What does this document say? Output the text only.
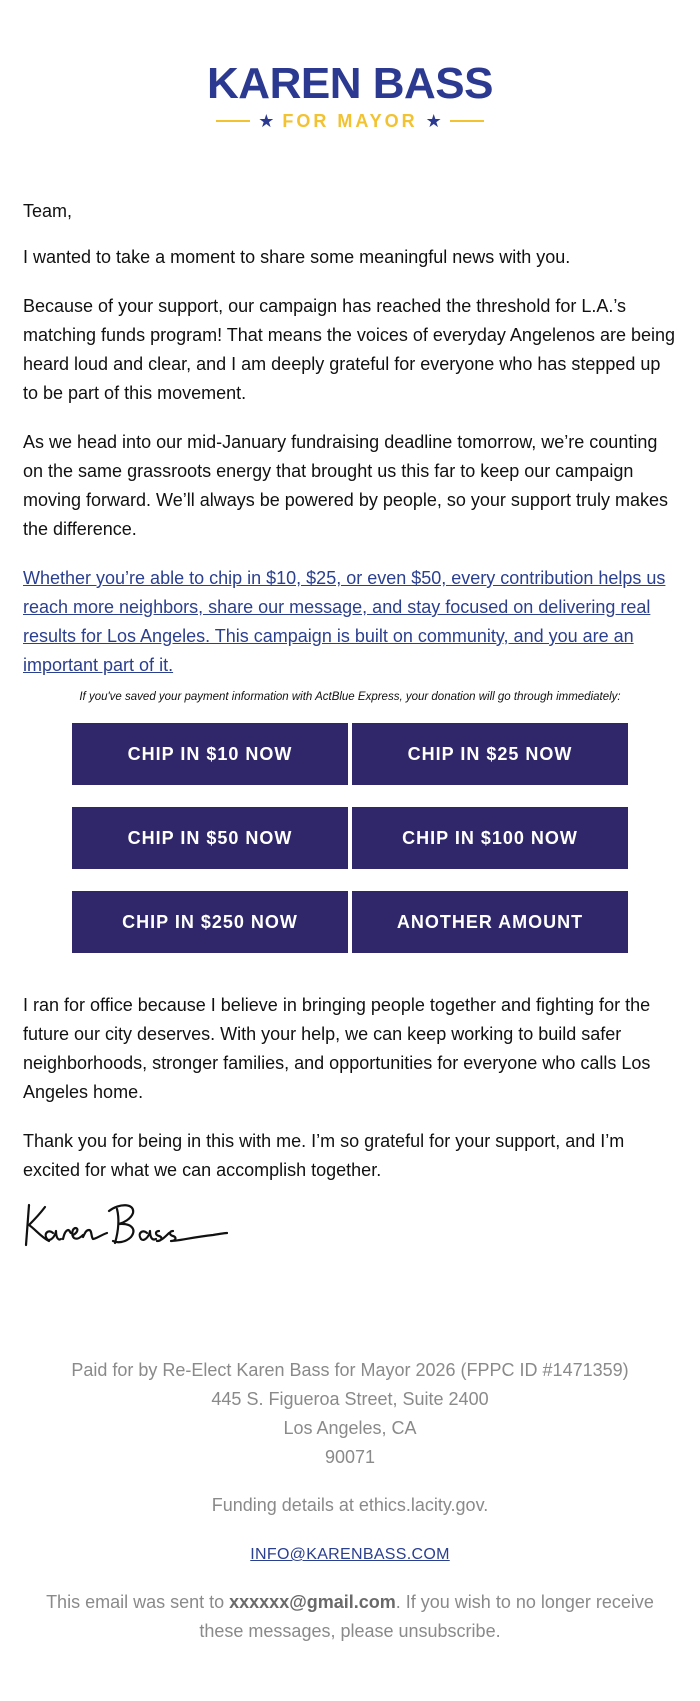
KAREN BASS
★ FOR MAYOR ★

Team,

I wanted to take a moment to share some meaningful news with you.

Because of your support, our campaign has reached the threshold for L.A.’s matching funds program! That means the voices of everyday Angelenos are being heard loud and clear, and I am deeply grateful for everyone who has stepped up to be part of this movement.

As we head into our mid-January fundraising deadline tomorrow, we’re counting on the same grassroots energy that brought us this far to keep our campaign moving forward. We’ll always be powered by people, so your support truly makes the difference.

Whether you’re able to chip in $10, $25, or even $50, every contribution helps us reach more neighbors, share our message, and stay focused on delivering real results for Los Angeles. This campaign is built on community, and you are an important part of it.

If you've saved your payment information with ActBlue Express, your donation will go through immediately:
CHIP IN $10 NOW	CHIP IN $25 NOW
CHIP IN $50 NOW	CHIP IN $100 NOW
CHIP IN $250 NOW	ANOTHER AMOUNT

I ran for office because I believe in bringing people together and fighting for the future our city deserves. With your help, we can keep working to build safer neighborhoods, stronger families, and opportunities for everyone who calls Los Angeles home.

Thank you for being in this with me. I’m so grateful for your support, and I’m excited for what we can accomplish together.

Paid for by Re-Elect Karen Bass for Mayor 2026 (FPPC ID #1471359)
445 S. Figueroa Street, Suite 2400
Los Angeles, CA
90071
Funding details at ethics.lacity.gov.
INFO@KARENBASS.COM
This email was sent to xxxxxx@gmail.com. If you wish to no longer receive these messages, please unsubscribe.
